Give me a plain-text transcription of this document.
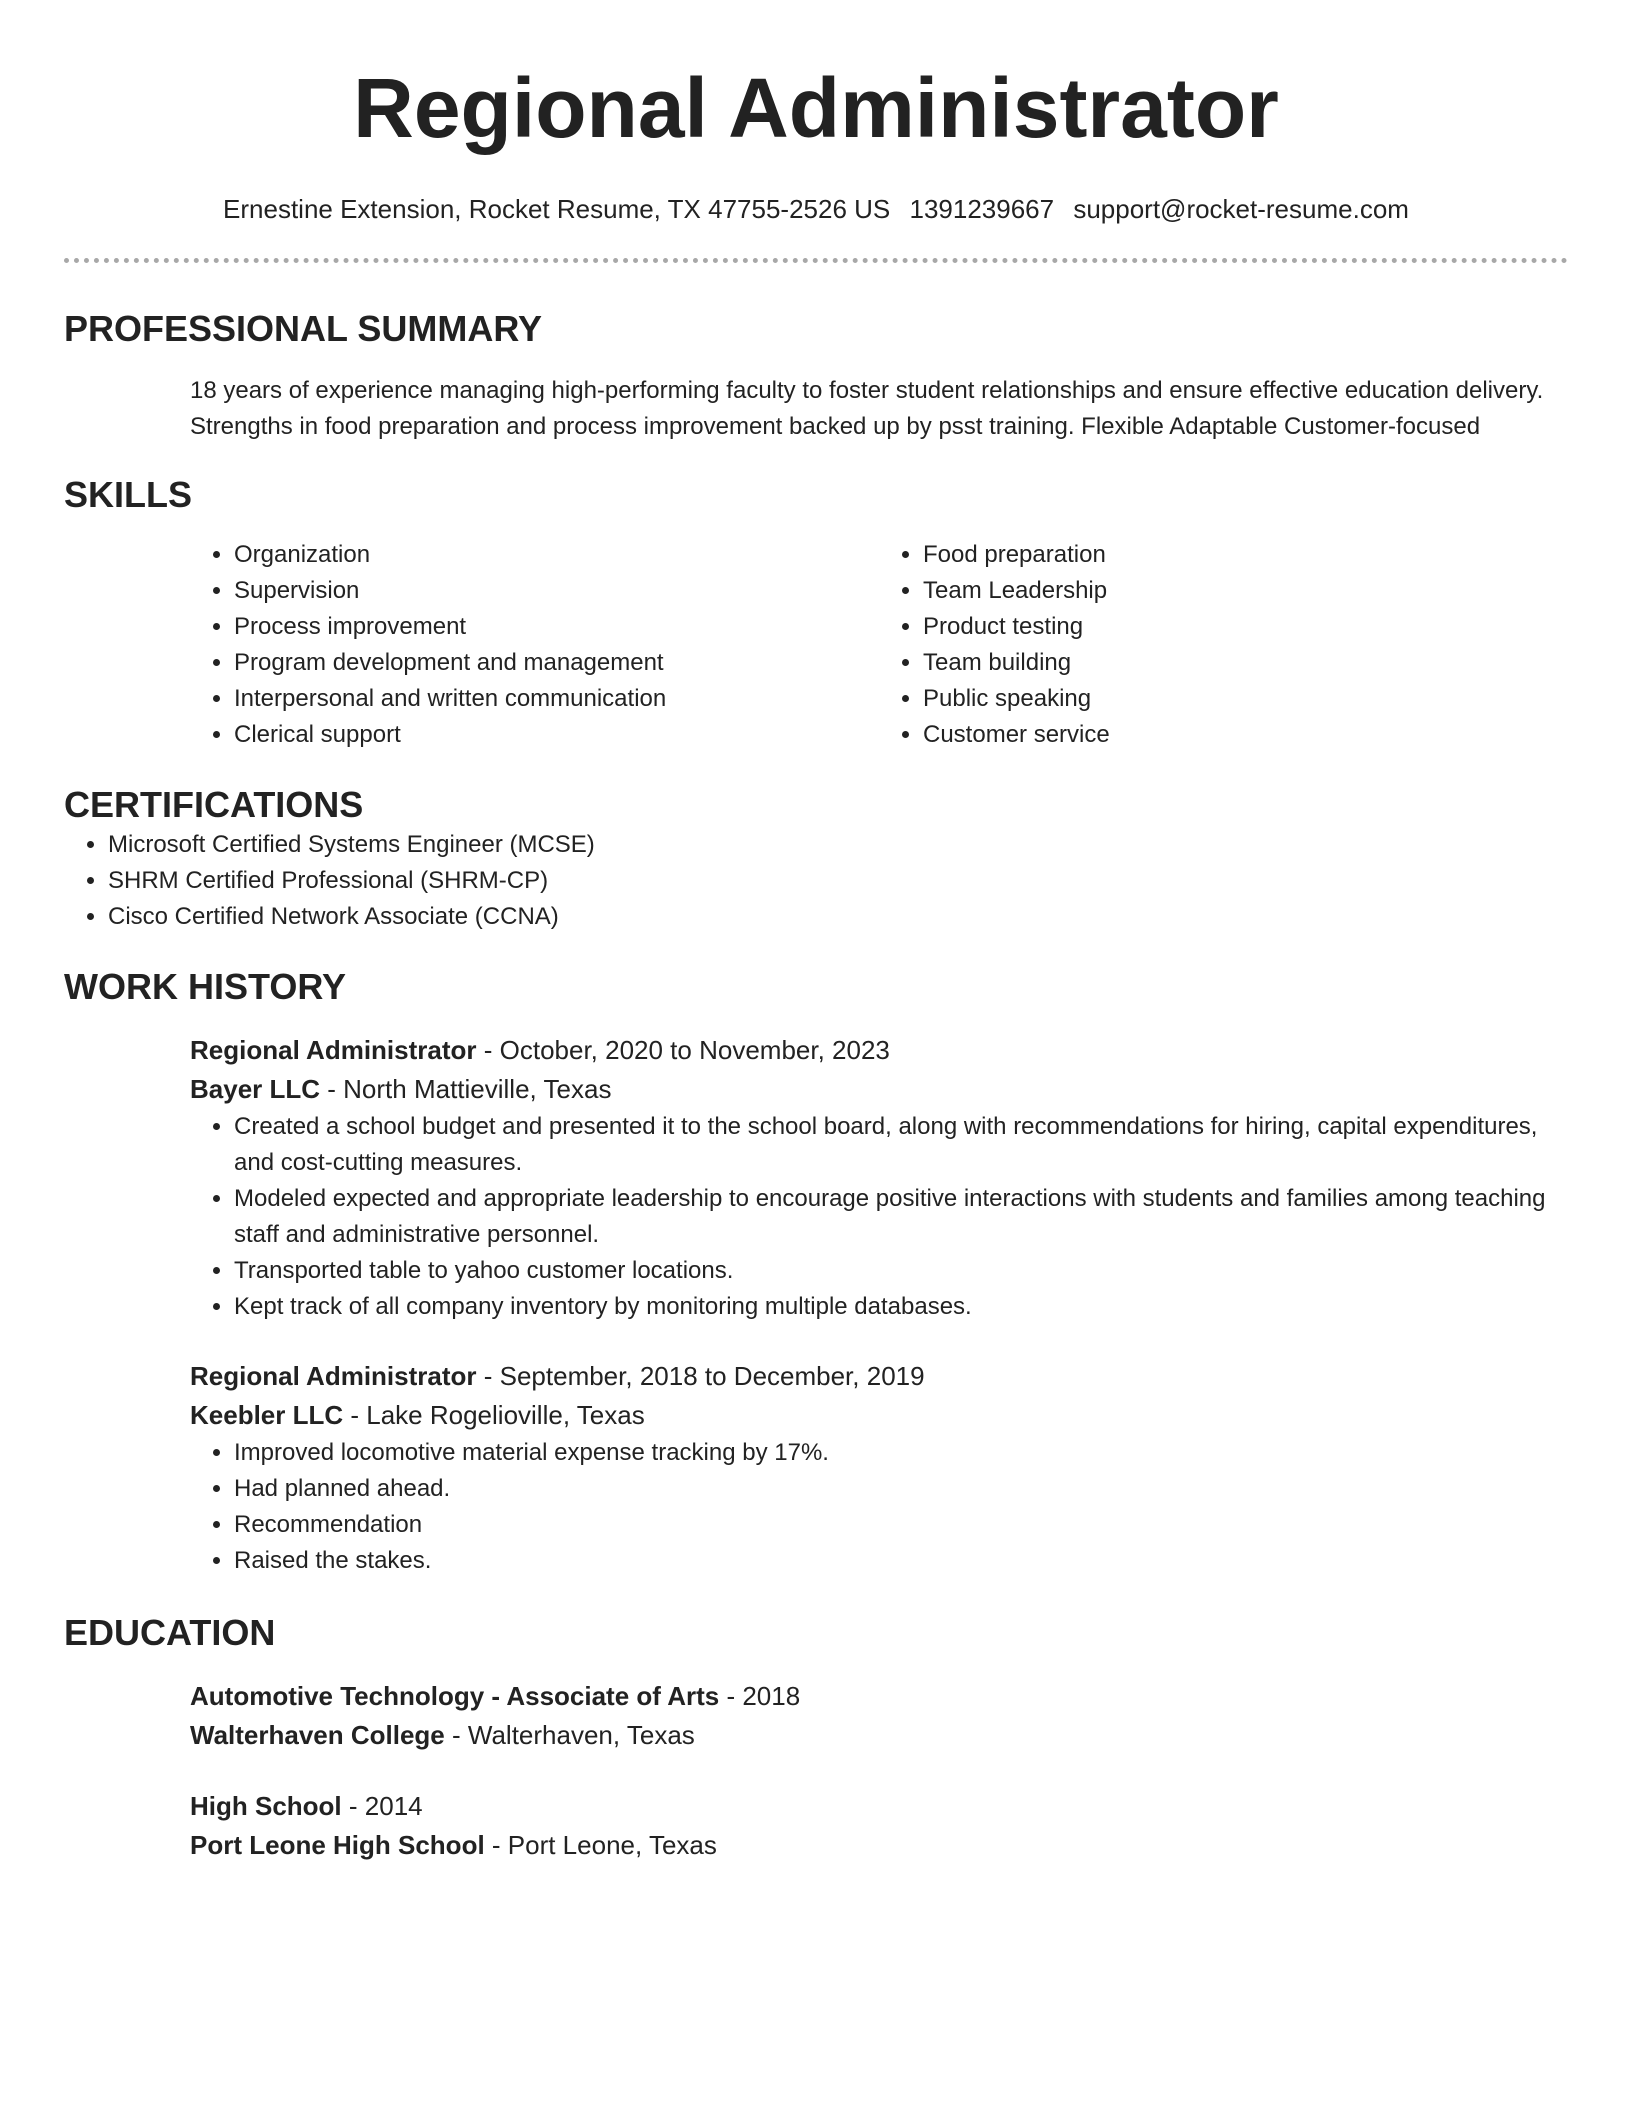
Regional Administrator
Ernestine Extension, Rocket Resume, TX 47755-2526 US 1391239667 support@rocket-resume.com
PROFESSIONAL SUMMARY

18 years of experience managing high-performing faculty to foster student relationships and ensure effective education delivery. Strengths in food preparation and process improvement backed up by psst training. Flexible Adaptable Customer-focused

SKILLS
• Organization
• Supervision
• Process improvement
• Program development and management
• Interpersonal and written communication
• Clerical support
• Food preparation
• Team Leadership
• Product testing
• Team building
• Public speaking
• Customer service
CERTIFICATIONS
• Microsoft Certified Systems Engineer (MCSE)
• SHRM Certified Professional (SHRM-CP)
• Cisco Certified Network Associate (CCNA)
WORK HISTORY
Regional Administrator - October, 2020 to November, 2023
Bayer LLC - North Mattieville, Texas
• Created a school budget and presented it to the school board, along with recommendations for hiring, capital expenditures, and cost-cutting measures.
• Modeled expected and appropriate leadership to encourage positive interactions with students and families among teaching staff and administrative personnel.
• Transported table to yahoo customer locations.
• Kept track of all company inventory by monitoring multiple databases.
Regional Administrator - September, 2018 to December, 2019
Keebler LLC - Lake Rogelioville, Texas
• Improved locomotive material expense tracking by 17%.
• Had planned ahead.
• Recommendation
• Raised the stakes.
EDUCATION
Automotive Technology - Associate of Arts - 2018
Walterhaven College - Walterhaven, Texas
High School - 2014
Port Leone High School - Port Leone, Texas
